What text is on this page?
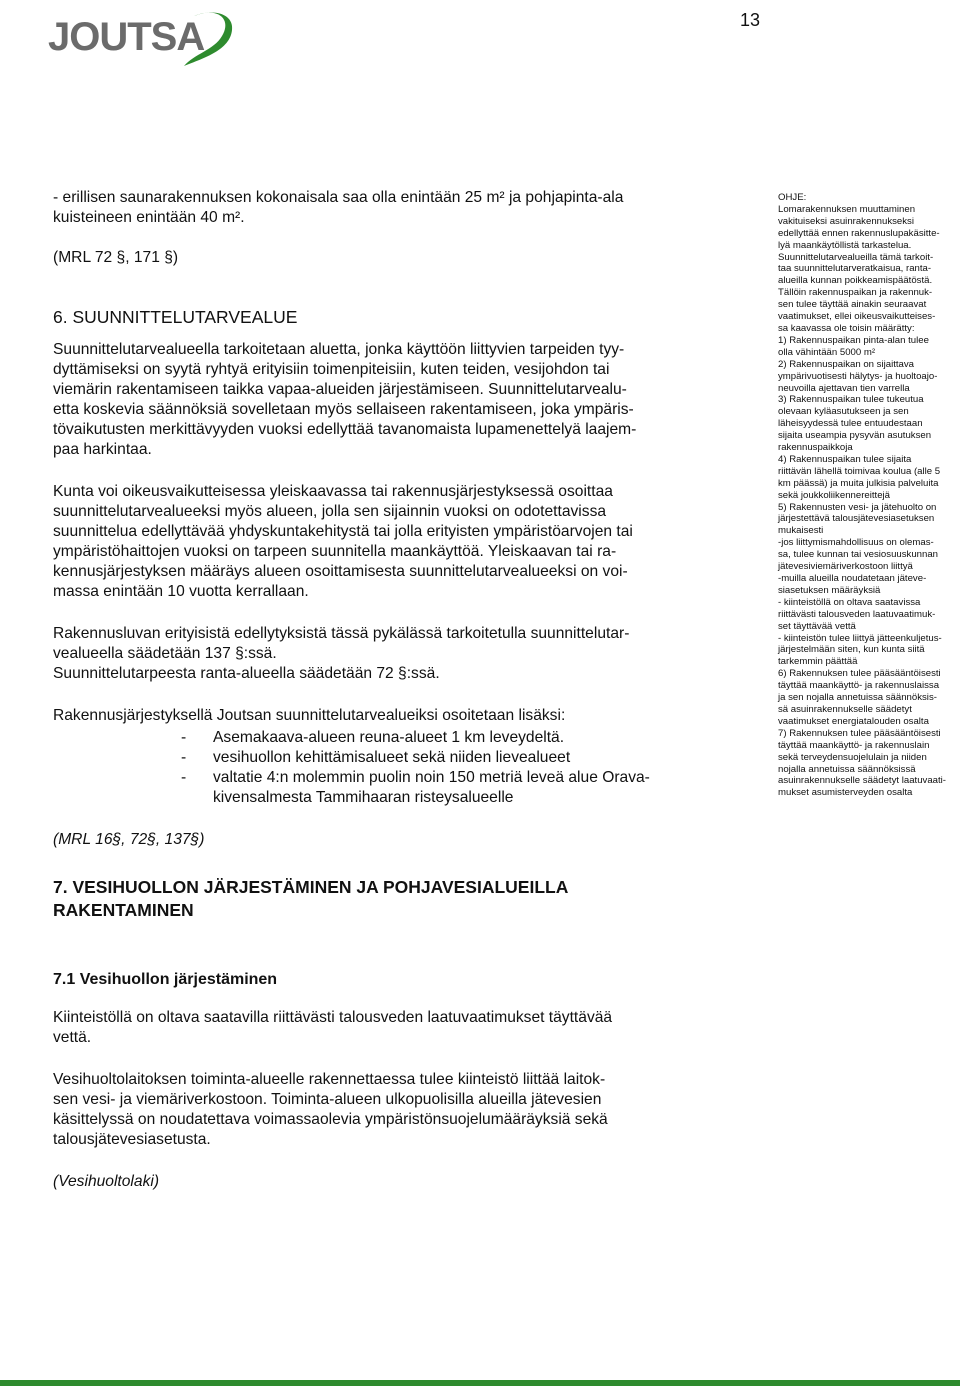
JOUTSA	13

- erillisen saunarakennuksen kokonaisala saa olla enintään 25 m² ja pohjapinta-ala

kuisteineen enintään 40 m².

(MRL 72 §, 171 §)

6. SUUNNITTELUTARVEALUE

Suunnittelutarvealueella tarkoitetaan aluetta, jonka käyttöön liittyvien tarpeiden tyy-

dyttämiseksi on syytä ryhtyä erityisiin toimenpiteisiin, kuten teiden, vesijohdon tai

viemärin rakentamiseen taikka vapaa-alueiden järjestämiseen. Suunnittelutarvealu-

etta koskevia säännöksiä sovelletaan myös sellaiseen rakentamiseen, joka ympäris-

tövaikutusten merkittävyyden vuoksi edellyttää tavanomaista lupamenettelyä laajem-

paa harkintaa.

Kunta voi oikeusvaikutteisessa yleiskaavassa tai rakennusjärjestyksessä osoittaa

suunnittelutarvealueeksi myös alueen, jolla sen sijainnin vuoksi on odotettavissa

suunnittelua edellyttävää yhdyskuntakehitystä tai jolla erityisten ympäristöarvojen tai

ympäristöhaittojen vuoksi on tarpeen suunnitella maankäyttöä. Yleiskaavan tai ra-

kennusjärjestyksen määräys alueen osoittamisesta suunnittelutarvealueeksi on voi-

massa enintään 10 vuotta kerrallaan.

Rakennusluvan erityisistä edellytyksistä tässä pykälässä tarkoitetulla suunnittelutar-

vealueella säädetään 137 §:ssä.

Suunnittelutarpeesta ranta-alueella säädetään 72 §:ssä.

Rakennusjärjestyksellä Joutsan suunnittelutarvealueiksi osoitetaan lisäksi:

- Asemakaava-alueen reuna-alueet 1 km leveydeltä.
- vesihuollon kehittämisalueet sekä niiden lievealueet
- valtatie 4:n molemmin puolin noin 150 metriä leveä alue Orava-
kivensalmesta Tammihaaran risteysalueelle

(MRL 16§, 72§, 137§)

7. VESIHUOLLON JÄRJESTÄMINEN JA POHJAVESIALUEILLA

RAKENTAMINEN

7.1 Vesihuollon järjestäminen

Kiinteistöllä on oltava saatavilla riittävästi talousveden laatuvaatimukset täyttävää

vettä.

Vesihuoltolaitoksen toiminta-alueelle rakennettaessa tulee kiinteistö liittää laitok-

sen vesi- ja viemäriverkostoon. Toiminta-alueen ulkopuolisilla alueilla jätevesien

käsittelyssä on noudatettava voimassaolevia ympäristönsuojelumääräyksiä sekä

talousjätevesiasetusta.

(Vesihuoltolaki)

OHJE:
Lomarakennuksen muuttaminen
vakituiseksi asuinrakennukseksi
edellyttää ennen rakennuslupakäsitte-
lyä maankäytöllistä tarkastelua.
Suunnittelutarvealueilla tämä tarkoit-
taa suunnittelutarveratkaisua, ranta-
alueilla kunnan poikkeamispäätöstä.
Tällöin rakennuspaikan ja rakennuk-
sen tulee täyttää ainakin seuraavat
vaatimukset, ellei oikeusvaikutteises-
sa kaavassa ole toisin määrätty:
1) Rakennuspaikan pinta-alan tulee
olla vähintään 5000 m²
2) Rakennuspaikan on sijaittava
ympärivuotisesti hälytys- ja huoltoajo-
neuvoilla ajettavan tien varrella
3) Rakennuspaikan tulee tukeutua
olevaan kyläasutukseen ja sen
läheisyydessä tulee entuudestaan
sijaita useampia pysyvän asutuksen
rakennuspaikkoja
4) Rakennuspaikan tulee sijaita
riittävän lähellä toimivaa koulua (alle 5
km päässä) ja muita julkisia palveluita
sekä joukkoliikennereittejä
5) Rakennusten vesi- ja jätehuolto on
järjestettävä talousjätevesiasetuksen
mukaisesti
-jos liittymismahdollisuus on olemas-
sa, tulee kunnan tai vesiosuuskunnan
jätevesiviemäriverkostoon liittyä
-muilla alueilla noudatetaan jäteve-
siasetuksen määräyksiä
- kiinteistöllä on oltava saatavissa
riittävästi talousveden laatuvaatimuk-
set täyttävää vettä
- kiinteistön tulee liittyä jätteenkuljetus-
järjestelmään siten, kun kunta siitä
tarkemmin päättää
6) Rakennuksen tulee pääsääntöisesti
täyttää maankäyttö- ja rakennuslaissa
ja sen nojalla annetuissa säännöksis-
sä asuinrakennukselle säädetyt
vaatimukset energiatalouden osalta
7) Rakennuksen tulee pääsääntöisesti
täyttää maankäyttö- ja rakennuslain
sekä terveydensuojelulain ja niiden
nojalla annetuissa säännöksissä
asuinrakennukselle säädetyt laatuvaati-
mukset asumisterveyden osalta
